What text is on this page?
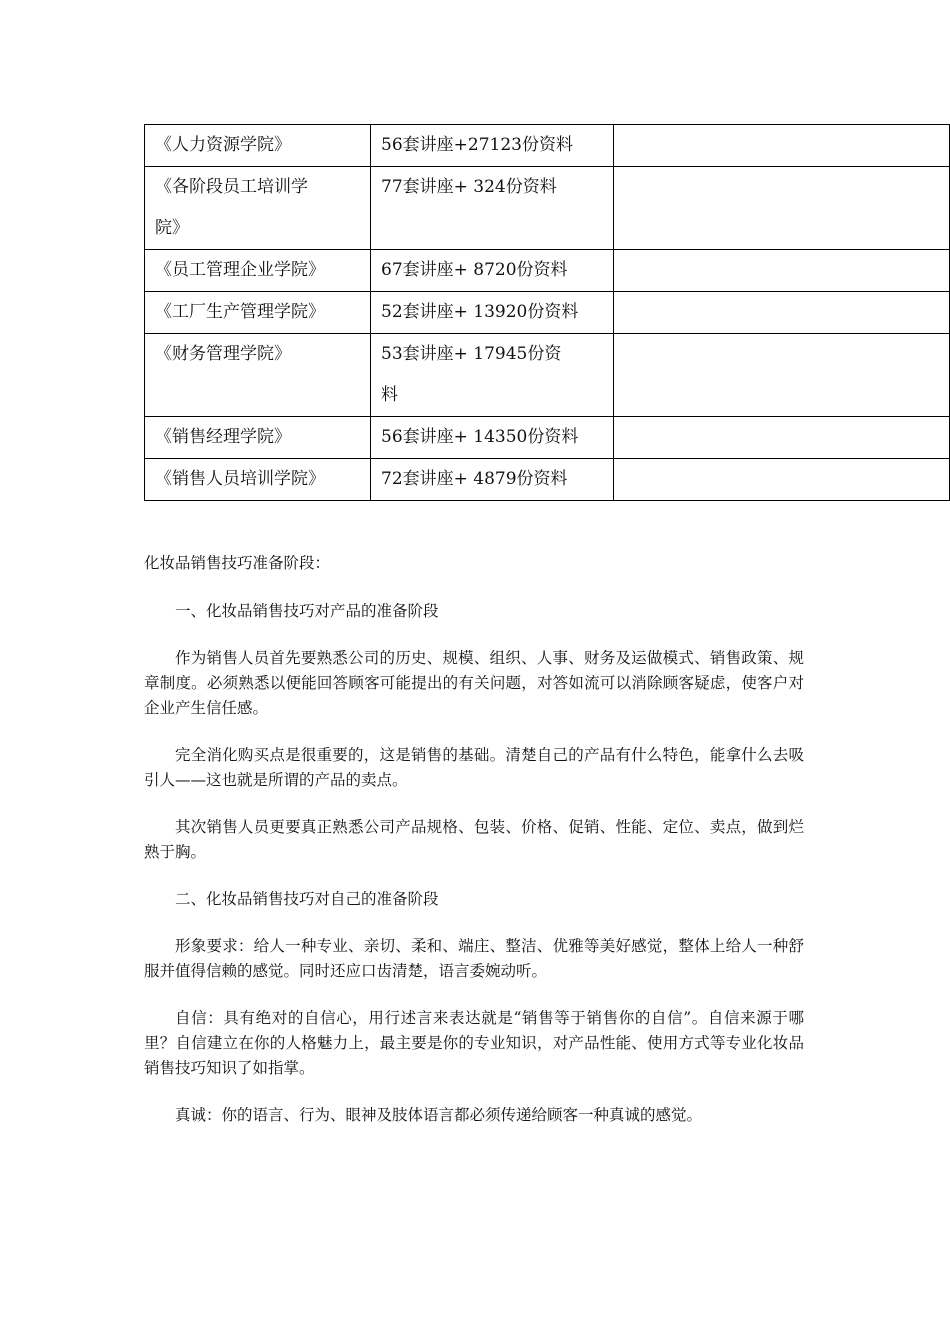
《人力资源学院》	56套讲座+27123份资料	

《各阶段员工培训学院》	77套讲座+ 324份资料	

《员工管理企业学院》	67套讲座+ 8720份资料	

《工厂生产管理学院》	52套讲座+ 13920份资料	

《财务管理学院》	53套讲座+ 17945份资料	

《销售经理学院》	56套讲座+ 14350份资料	

《销售人员培训学院》	72套讲座+ 4879份资料	

化妆品销售技巧准备阶段：

一、化妆品销售技巧对产品的准备阶段

作为销售人员首先要熟悉公司的历史、规模、组织、人事、财务及运做模式、销售政策、规章制度。必须熟悉以便能回答顾客可能提出的有关问题，对答如流可以消除顾客疑虑，使客户对企业产生信任感。

完全消化购买点是很重要的，这是销售的基础。清楚自己的产品有什么特色，能拿什么去吸引人——这也就是所谓的产品的卖点。

其次销售人员更要真正熟悉公司产品规格、包装、价格、促销、性能、定位、卖点，做到烂熟于胸。

二、化妆品销售技巧对自己的准备阶段

形象要求：给人一种专业、亲切、柔和、端庄、整洁、优雅等美好感觉，整体上给人一种舒服并值得信赖的感觉。同时还应口齿清楚，语言委婉动听。

自信：具有绝对的自信心，用行述言来表达就是“销售等于销售你的自信”。自信来源于哪里？自信建立在你的人格魅力上，最主要是你的专业知识，对产品性能、使用方式等专业化妆品销售技巧知识了如指掌。

真诚：你的语言、行为、眼神及肢体语言都必须传递给顾客一种真诚的感觉。
